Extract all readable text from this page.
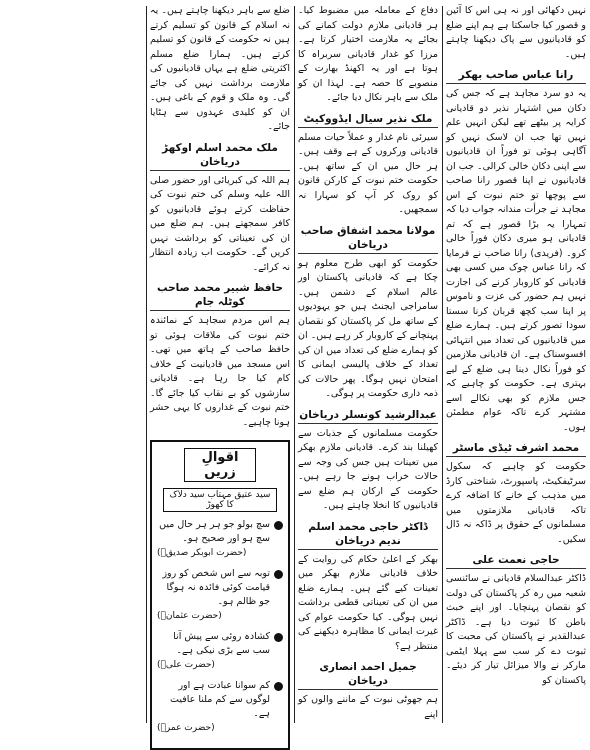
نہیں دکھائی اور نہ ہی اس کا آئین و قصور کیا جاسکتا ہے ہم اپنے ضلع کو قادیانیوں سے پاک دیکھنا چاہتے ہیں۔

رانا عباس صاحب بھکر

یہ دو سرد مجاہد ہے کہ جس کی دکان میں اشتہار نذیر دو قادیانی کرایہ پر بیٹھے تھے لیکن انہیں علم نہیں تھا جب ان لاسک نہیں کو آگاہی ہوئی تو فوراً ان قادیانیوں سے اپنی دکان خالی کرالی۔ جب ان قادیانیوں نے اپنا قصور رانا صاحب سے پوچھا تو ختم نبوت کے اس مجاہد نے جرأت مندانہ جواب دیا کہ تمہارا یہ بڑا قصور ہے کہ تم قادیانی ہو میری دکان فوراً خالی کرو۔ (فریدی) رانا صاحب نے فرمایا کہ رانا عباس چوک میں کسی بھی قادیانی کو کاروبار کرنے کی اجازت نہیں ہم حضور کی عزت و ناموس پر اپنا سب کچھ قربان کرنا سستا سودا تصور کرتے ہیں۔ ہمارے ضلع میں قادیانیوں کی تعداد میں انتہائی افسوسناک ہے۔ ان قادیانی ملازمین کو فوراً نکال دینا ہی ضلع کے لیے بہتری ہے۔ حکومت کو چاہیے کہ جس ملازم کو بھی نکالے اسے مشتہر کرے تاکہ عوام مطمئن ہوں۔

محمد اشرف ٹیڈی ماسٹر

حکومت کو چاہیے کہ سکول سرٹیفکیٹ، پاسپورٹ، شناختی کارڈ میں مذہب کے خانے کا اضافہ کرے تاکہ قادیانی ملازمتوں میں مسلمانوں کے حقوق پر ڈاکہ نہ ڈال سکیں۔

حاجی نعمت علی

ڈاکٹر عبدالسلام قادیانی نے سائنسی شعبہ میں رہ کر پاکستان کی دولت کو نقصان پہنچایا۔ اور اپنے خبث باطن کا ثبوت دیا ہے۔ ڈاکٹر عبدالقدیر نے پاکستان کی محبت کا ثبوت دے کر سب سے پہلا ایٹمی مارکر نے والا میزائل تیار کر دیئے۔ پاکستان کو

دفاع کے معاملہ میں مضبوط کیا۔ ہر قادیانی ملازم دولت کمانے کی بجائے یہ ملازمت اختیار کرتا ہے۔ مرزا کو غدار قادیانی سربراہ کا ہوتا ہے اور یہ اکھنڈ بھارت کے منصوبے کا حصہ ہے۔ لہذا ان کو ملک سے باہر نکال دیا جائے۔

ملک نذیر سیال ایڈووکیٹ

سیرئی نام غدار و عملاً حیات مسلم قادیانی ورکروں کے ہے وقف ہیں۔ ہر حال میں ان کے ساتھ ہیں۔ حکومت ختم نبوت کے کارکن قانون کو روک کر آپ کو سہارا نہ سمجھیں۔

مولانا محمد اشفاق صاحب دریاخان

حکومت کو ابھی طرح معلوم ہو چکا ہے کہ قادیانی پاکستان اور عالم اسلام کے دشمن ہیں۔ سامراجی ایجنٹ ہیں جو یہودیوں کے ساتھ مل کر پاکستان کو نقصان پہنچانے کے کاروبار کر رہے ہیں۔ ان کو ہمارے ضلع کی تعداد میں ان کی تعداد کے خلاف پالیسی ایمانی کا امتحان نہیں ہوگا۔ پھر حالات کی ذمہ داری حکومت پر ہوگی۔

عبدالرشید کونسلر دریاخان

حکومت مسلمانوں کے جذبات سے کھیلنا بند کرے۔ قادیانی ملازم بھکر میں تعینات ہیں جس کی وجہ سے حالات خراب ہونے جا رہے ہیں۔ حکومت کے ارکان ہم ضلع سے قادیانیوں کا انخلا چاہتے ہیں۔

ڈاکٹر حاجی محمد اسلم ندیم دریاخان

بھکر کے اعلیٰ حکام کی روایت کے خلاف قادیانی ملازم بھکر میں تعینات کیے گئے ہیں۔ ہمارے ضلع میں ان کی تعیناتی قطعی برداشت نہیں ہوگی۔ کیا حکومت عوام کی غیرت ایمانی کا مظاہرہ دیکھنے کی منتظر ہے؟

جمیل احمد انصاری دریاخان

ہم جھوٹی نبوت کے ماننے والوں کو اپنے

ضلع سے باہر دیکھنا چاہتے ہیں۔ یہ نہ اسلام کے قانون کو تسلیم کرتے ہیں نہ حکومت کے قانون کو تسلیم کرتے ہیں۔ ہمارا ضلع مسلم اکثریتی ضلع ہے یہاں قادیانیوں کی ملازمت برداشت نہیں کی جائے گی۔ وہ ملک و قوم کے باغی ہیں۔ ان کو کلیدی عہدوں سے ہٹایا جائے۔

ملک محمد اسلم اوکھڑ دریاخان

ہم اللہ کی کبریائی اور حضور صلی اللہ علیہ وسلم کی ختم نبوت کی حفاظت کرتے ہوئے قادیانیوں کو کافر سمجھتے ہیں۔ ہم ضلع میں ان کی تعیناتی کو برداشت نہیں کریں گے۔ حکومت اب زیادہ انتظار نہ کرائے۔

حافظ شبیر محمد صاحب کوٹلہ جام

ہم اس مردم سجاہد کے نمائندہ ختم نبوت کی ملاقات ہوئی تو حافظ صاحب کے ہاتھ میں تھی۔ اس مسجد میں قادیانیت کے خلاف کام کیا جا رہا ہے۔ قادیانی سازشوں کو بے نقاب کیا جائے گا۔ ختم نبوت کے غداروں کا یہی حشر ہونا چاہیے۔

اقوالِ زریں
سید عتیق مہتاب سید دلاک کا کھوڑ
سچ بولو جو ہر ہر حال میں سچ ہو اور صحیح ہو۔
(حضرت ابوبکر صدیقؓ)
توبہ سے اس شخص کو روز قیامت کوئی فائدہ نہ ہوگا جو ظالم ہو۔
(حضرت عثمانؓ)
کشادہ روئی سے پیش آنا سب سے بڑی نیکی ہے۔
(حضرت علیؓ)
کم سوانا عبادت ہے اور لوگوں سے کم ملنا عافیت ہے۔
(حضرت عمرؓ)
